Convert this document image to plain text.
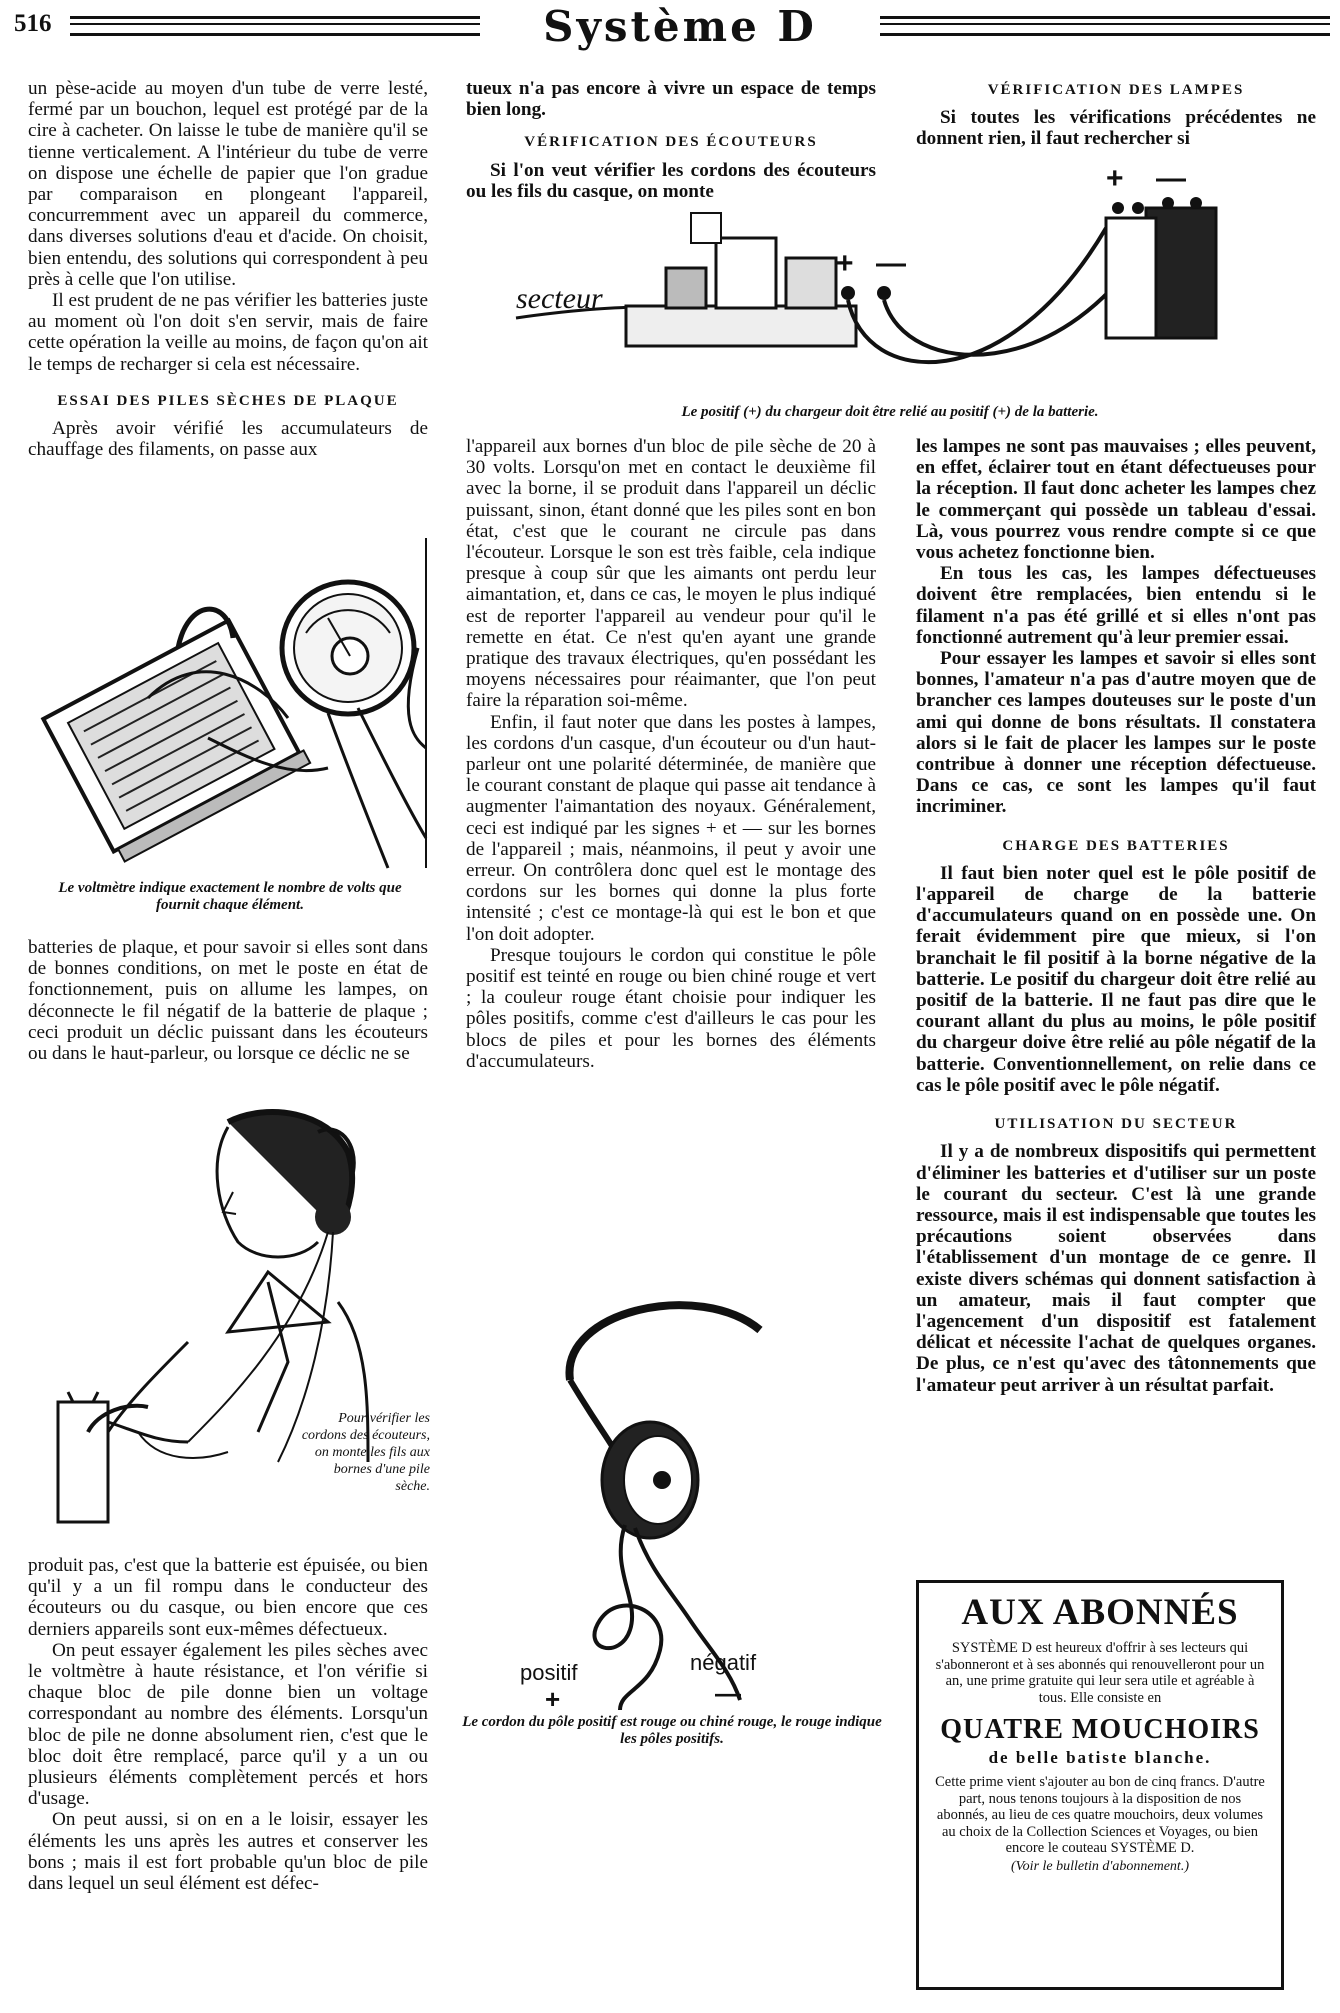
516	Système D

un pèse-acide au moyen d'un tube de verre lesté, fermé par un bouchon, lequel est protégé par de la cire à cacheter. On laisse le tube de manière qu'il se tienne verticalement. A l'intérieur du tube de verre on dispose une échelle de papier que l'on gradue par comparaison en plongeant l'appareil, concurremment avec un appareil du commerce, dans diverses solutions d'eau et d'acide. On choisit, bien entendu, des solutions qui correspondent à peu près à celle que l'on utilise.

Il est prudent de ne pas vérifier les batteries juste au moment où l'on doit s'en servir, mais de faire cette opération la veille au moins, de façon qu'on ait le temps de recharger si cela est nécessaire.

ESSAI DES PILES SÈCHES DE PLAQUE

Après avoir vérifié les accumulateurs de chauffage des filaments, on passe aux

Le voltmètre indique exactement le nombre de volts que fournit chaque élément.

batteries de plaque, et pour savoir si elles sont dans de bonnes conditions, on met le poste en état de fonctionnement, puis on allume les lampes, on déconnecte le fil négatif de la batterie de plaque ; ceci produit un déclic puissant dans les écouteurs ou dans le haut-parleur, ou lorsque ce déclic ne se

Pour vérifier les cordons des écouteurs, on monte les fils aux bornes d'une pile sèche.

produit pas, c'est que la batterie est épuisée, ou bien qu'il y a un fil rompu dans le conducteur des écouteurs ou du casque, ou bien encore que ces derniers appareils sont eux-mêmes défectueux.

On peut essayer également les piles sèches avec le voltmètre à haute résistance, et l'on vérifie si chaque bloc de pile donne bien un voltage correspondant au nombre des éléments. Lorsqu'un bloc de pile ne donne absolument rien, c'est que le bloc doit être remplacé, parce qu'il y a un ou plusieurs éléments complètement percés et hors d'usage.

On peut aussi, si on en a le loisir, essayer les éléments les uns après les autres et conserver les bons ; mais il est fort probable qu'un bloc de pile dans lequel un seul élément est défec-

tueux n'a pas encore à vivre un espace de temps bien long.

VÉRIFICATION DES ÉCOUTEURS

Si l'on veut vérifier les cordons des écouteurs ou les fils du casque, on monte

VÉRIFICATION DES LAMPES

Si toutes les vérifications précédentes ne donnent rien, il faut rechercher si

secteur
+ —
+ —
Le positif (+) du chargeur doit être relié au positif (+) de la batterie.

l'appareil aux bornes d'un bloc de pile sèche de 20 à 30 volts. Lorsqu'on met en contact le deuxième fil avec la borne, il se produit dans l'appareil un déclic puissant, sinon, étant donné que les piles sont en bon état, c'est que le courant ne circule pas dans l'écouteur. Lorsque le son est très faible, cela indique presque à coup sûr que les aimants ont perdu leur aimantation, et, dans ce cas, le moyen le plus indiqué est de reporter l'appareil au vendeur pour qu'il le remette en état. Ce n'est qu'en ayant une grande pratique des travaux électriques, qu'en possédant les moyens nécessaires pour réaimanter, que l'on peut faire la réparation soi-même.

Enfin, il faut noter que dans les postes à lampes, les cordons d'un casque, d'un écouteur ou d'un haut-parleur ont une polarité déterminée, de manière que le courant constant de plaque qui passe ait tendance à augmenter l'aimantation des noyaux. Généralement, ceci est indiqué par les signes + et — sur les bornes de l'appareil ; mais, néanmoins, il peut y avoir une erreur. On contrôlera donc quel est le montage des cordons sur les bornes qui donne la plus forte intensité ; c'est ce montage-là qui est le bon et que l'on doit adopter.

Presque toujours le cordon qui constitue le pôle positif est teinté en rouge ou bien chiné rouge et vert ; la couleur rouge étant choisie pour indiquer les pôles positifs, comme c'est d'ailleurs le cas pour les blocs de piles et pour les bornes des éléments d'accumulateurs.

positif
+
négatif
—
Le cordon du pôle positif est rouge ou chiné rouge, le rouge indique les pôles positifs.

les lampes ne sont pas mauvaises ; elles peuvent, en effet, éclairer tout en étant défectueuses pour la réception. Il faut donc acheter les lampes chez le commerçant qui possède un tableau d'essai. Là, vous pourrez vous rendre compte si ce que vous achetez fonctionne bien.

En tous les cas, les lampes défectueuses doivent être remplacées, bien entendu si le filament n'a pas été grillé et si elles n'ont pas fonctionné autrement qu'à leur premier essai.

Pour essayer les lampes et savoir si elles sont bonnes, l'amateur n'a pas d'autre moyen que de brancher ces lampes douteuses sur le poste d'un ami qui donne de bons résultats. Il constatera alors si le fait de placer les lampes sur le poste contribue à donner une réception défectueuse. Dans ce cas, ce sont les lampes qu'il faut incriminer.

CHARGE DES BATTERIES

Il faut bien noter quel est le pôle positif de l'appareil de charge de la batterie d'accumulateurs quand on en possède une. On ferait évidemment pire que mieux, si l'on branchait le fil positif à la borne négative de la batterie. Le positif du chargeur doit être relié au positif de la batterie. Il ne faut pas dire que le courant allant du plus au moins, le pôle positif du chargeur doive être relié au pôle négatif de la batterie. Conventionnellement, on relie dans ce cas le pôle positif avec le pôle négatif.

UTILISATION DU SECTEUR

Il y a de nombreux dispositifs qui permettent d'éliminer les batteries et d'utiliser sur un poste le courant du secteur. C'est là une grande ressource, mais il est indispensable que toutes les précautions soient observées dans l'établissement d'un montage de ce genre. Il existe divers schémas qui donnent satisfaction à un amateur, mais il faut compter que l'agencement d'un dispositif est fatalement délicat et nécessite l'achat de quelques organes. De plus, ce n'est qu'avec des tâtonnements que l'amateur peut arriver à un résultat parfait.

AUX ABONNÉS
SYSTÈME D est heureux d'offrir à ses lecteurs qui s'abonneront et à ses abonnés qui renouvelleront pour un an, une prime gratuite qui leur sera utile et agréable à tous. Elle consiste en
QUATRE MOUCHOIRS
de belle batiste blanche.
Cette prime vient s'ajouter au bon de cinq francs. D'autre part, nous tenons toujours à la disposition de nos abonnés, au lieu de ces quatre mouchoirs, deux volumes au choix de la Collection Sciences et Voyages, ou bien encore le couteau SYSTÈME D.
(Voir le bulletin d'abonnement.)
